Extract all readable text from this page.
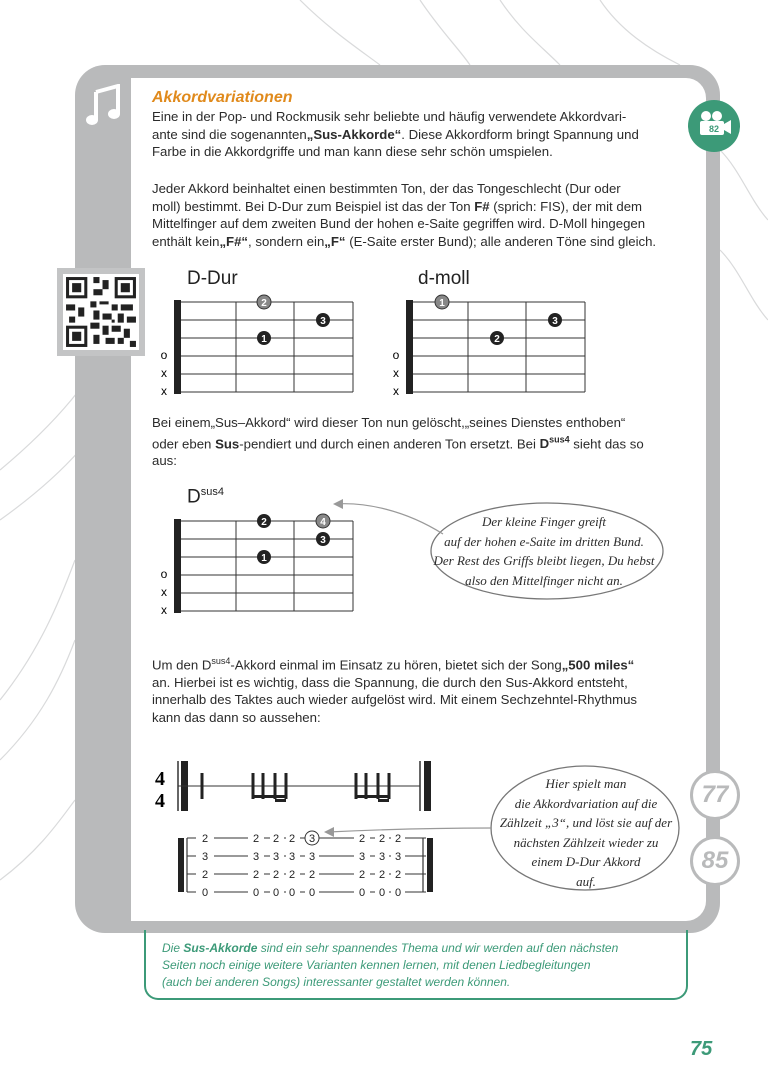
82
Akkordvariationen
Eine in der Pop- und Rockmusik sehr beliebte und häufig verwendete Akkordvari-
ante sind die sogenannten„Sus-Akkorde“. Diese Akkordform bringt Spannung und
Farbe in die Akkordgriffe und man kann diese sehr schön umspielen.
Jeder Akkord beinhaltet einen bestimmten Ton, der das Tongeschlecht (Dur oder
moll) bestimmt. Bei D-Dur zum Beispiel ist das der Ton F# (sprich: FIS), der mit dem
Mittelfinger auf dem zweiten Bund der hohen e-Saite gegriffen wird. D-Moll hingegen
enthält kein„F#“, sondern ein„F“ (E-Saite erster Bund); alle anderen Töne sind gleich.
D-Dur	d-moll
2
1
3
o
x
x
1
2
3
o
x
x
Bei einem„Sus–Akkord“ wird dieser Ton nun gelöscht,„seines Dienstes enthoben“
oder eben Sus-pendiert und durch einen anderen Ton ersetzt. Bei $D^{sus4}$ sieht das so
aus:
$D^{sus4}$
2	4
3
1
o
x
x
Der kleine Finger greift
auf der hohen e-Saite im dritten Bund.
Der Rest des Griffs bleibt liegen, Du hebst
also den Mittelfinger nicht an.
Um den $D^{sus4}$-Akkord einmal im Einsatz zu hören, bietet sich der Song„500 miles“
an. Hierbei ist es wichtig, dass die Spannung, die durch den Sus-Akkord entsteht,
innerhalb des Taktes auch wieder aufgelöst wird. Mit einem Sechzehntel-Rhythmus
kann das dann so aussehen:
4
4
2
3
2
0
2
3
2
0
2
3
2
0
2
3
2
0
3
3
2
0
2
3
2
0
2
3
2
0
2
3
2
0
Hier spielt man
die Akkordvariation auf die
Zählzeit „3“, und löst sie auf der
nächsten Zählzeit wieder zu
einem D-Dur Akkord
auf.
77
85
Die Sus-Akkorde sind ein sehr spannendes Thema und wir werden auf den nächsten
Seiten noch einige weitere Varianten kennen lernen, mit denen Liedbegleitungen
(auch bei anderen Songs) interessanter gestaltet werden können.
75
